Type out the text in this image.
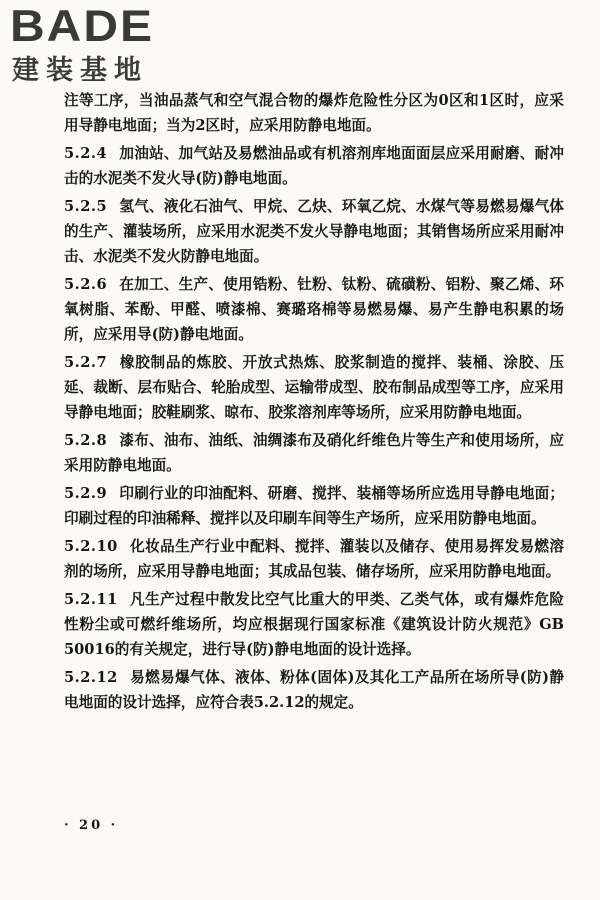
BADE
建装基地

注等工序，当油品蒸气和空气混合物的爆炸危险性分区为0区和1区时，应采用导静电地面；当为2区时，应采用防静电地面。

5.2.4 加油站、加气站及易燃油品或有机溶剂库地面面层应采用耐磨、耐冲击的水泥类不发火导(防)静电地面。

5.2.5 氢气、液化石油气、甲烷、乙炔、环氧乙烷、水煤气等易燃易爆气体的生产、灌装场所，应采用水泥类不发火导静电地面；其销售场所应采用耐冲击、水泥类不发火防静电地面。

5.2.6 在加工、生产、使用锆粉、钍粉、钛粉、硫磺粉、铝粉、聚乙烯、环氧树脂、苯酚、甲醛、喷漆棉、赛璐珞棉等易燃易爆、易产生静电积累的场所，应采用导(防)静电地面。

5.2.7 橡胶制品的炼胶、开放式热炼、胶浆制造的搅拌、装桶、涂胶、压延、裁断、层布贴合、轮胎成型、运输带成型、胶布制品成型等工序，应采用导静电地面；胶鞋刷浆、晾布、胶浆溶剂库等场所，应采用防静电地面。

5.2.8 漆布、油布、油纸、油绸漆布及硝化纤维色片等生产和使用场所，应采用防静电地面。

5.2.9 印刷行业的印油配料、研磨、搅拌、装桶等场所应选用导静电地面；印刷过程的印油稀释、搅拌以及印刷车间等生产场所，应采用防静电地面。

5.2.10 化妆品生产行业中配料、搅拌、灌装以及储存、使用易挥发易燃溶剂的场所，应采用导静电地面；其成品包装、储存场所，应采用防静电地面。

5.2.11 凡生产过程中散发比空气比重大的甲类、乙类气体，或有爆炸危险性粉尘或可燃纤维场所，均应根据现行国家标准《建筑设计防火规范》GB 50016的有关规定，进行导(防)静电地面的设计选择。

5.2.12 易燃易爆气体、液体、粉体(固体)及其化工产品所在场所导(防)静电地面的设计选择，应符合表5.2.12的规定。

· 20 ·
